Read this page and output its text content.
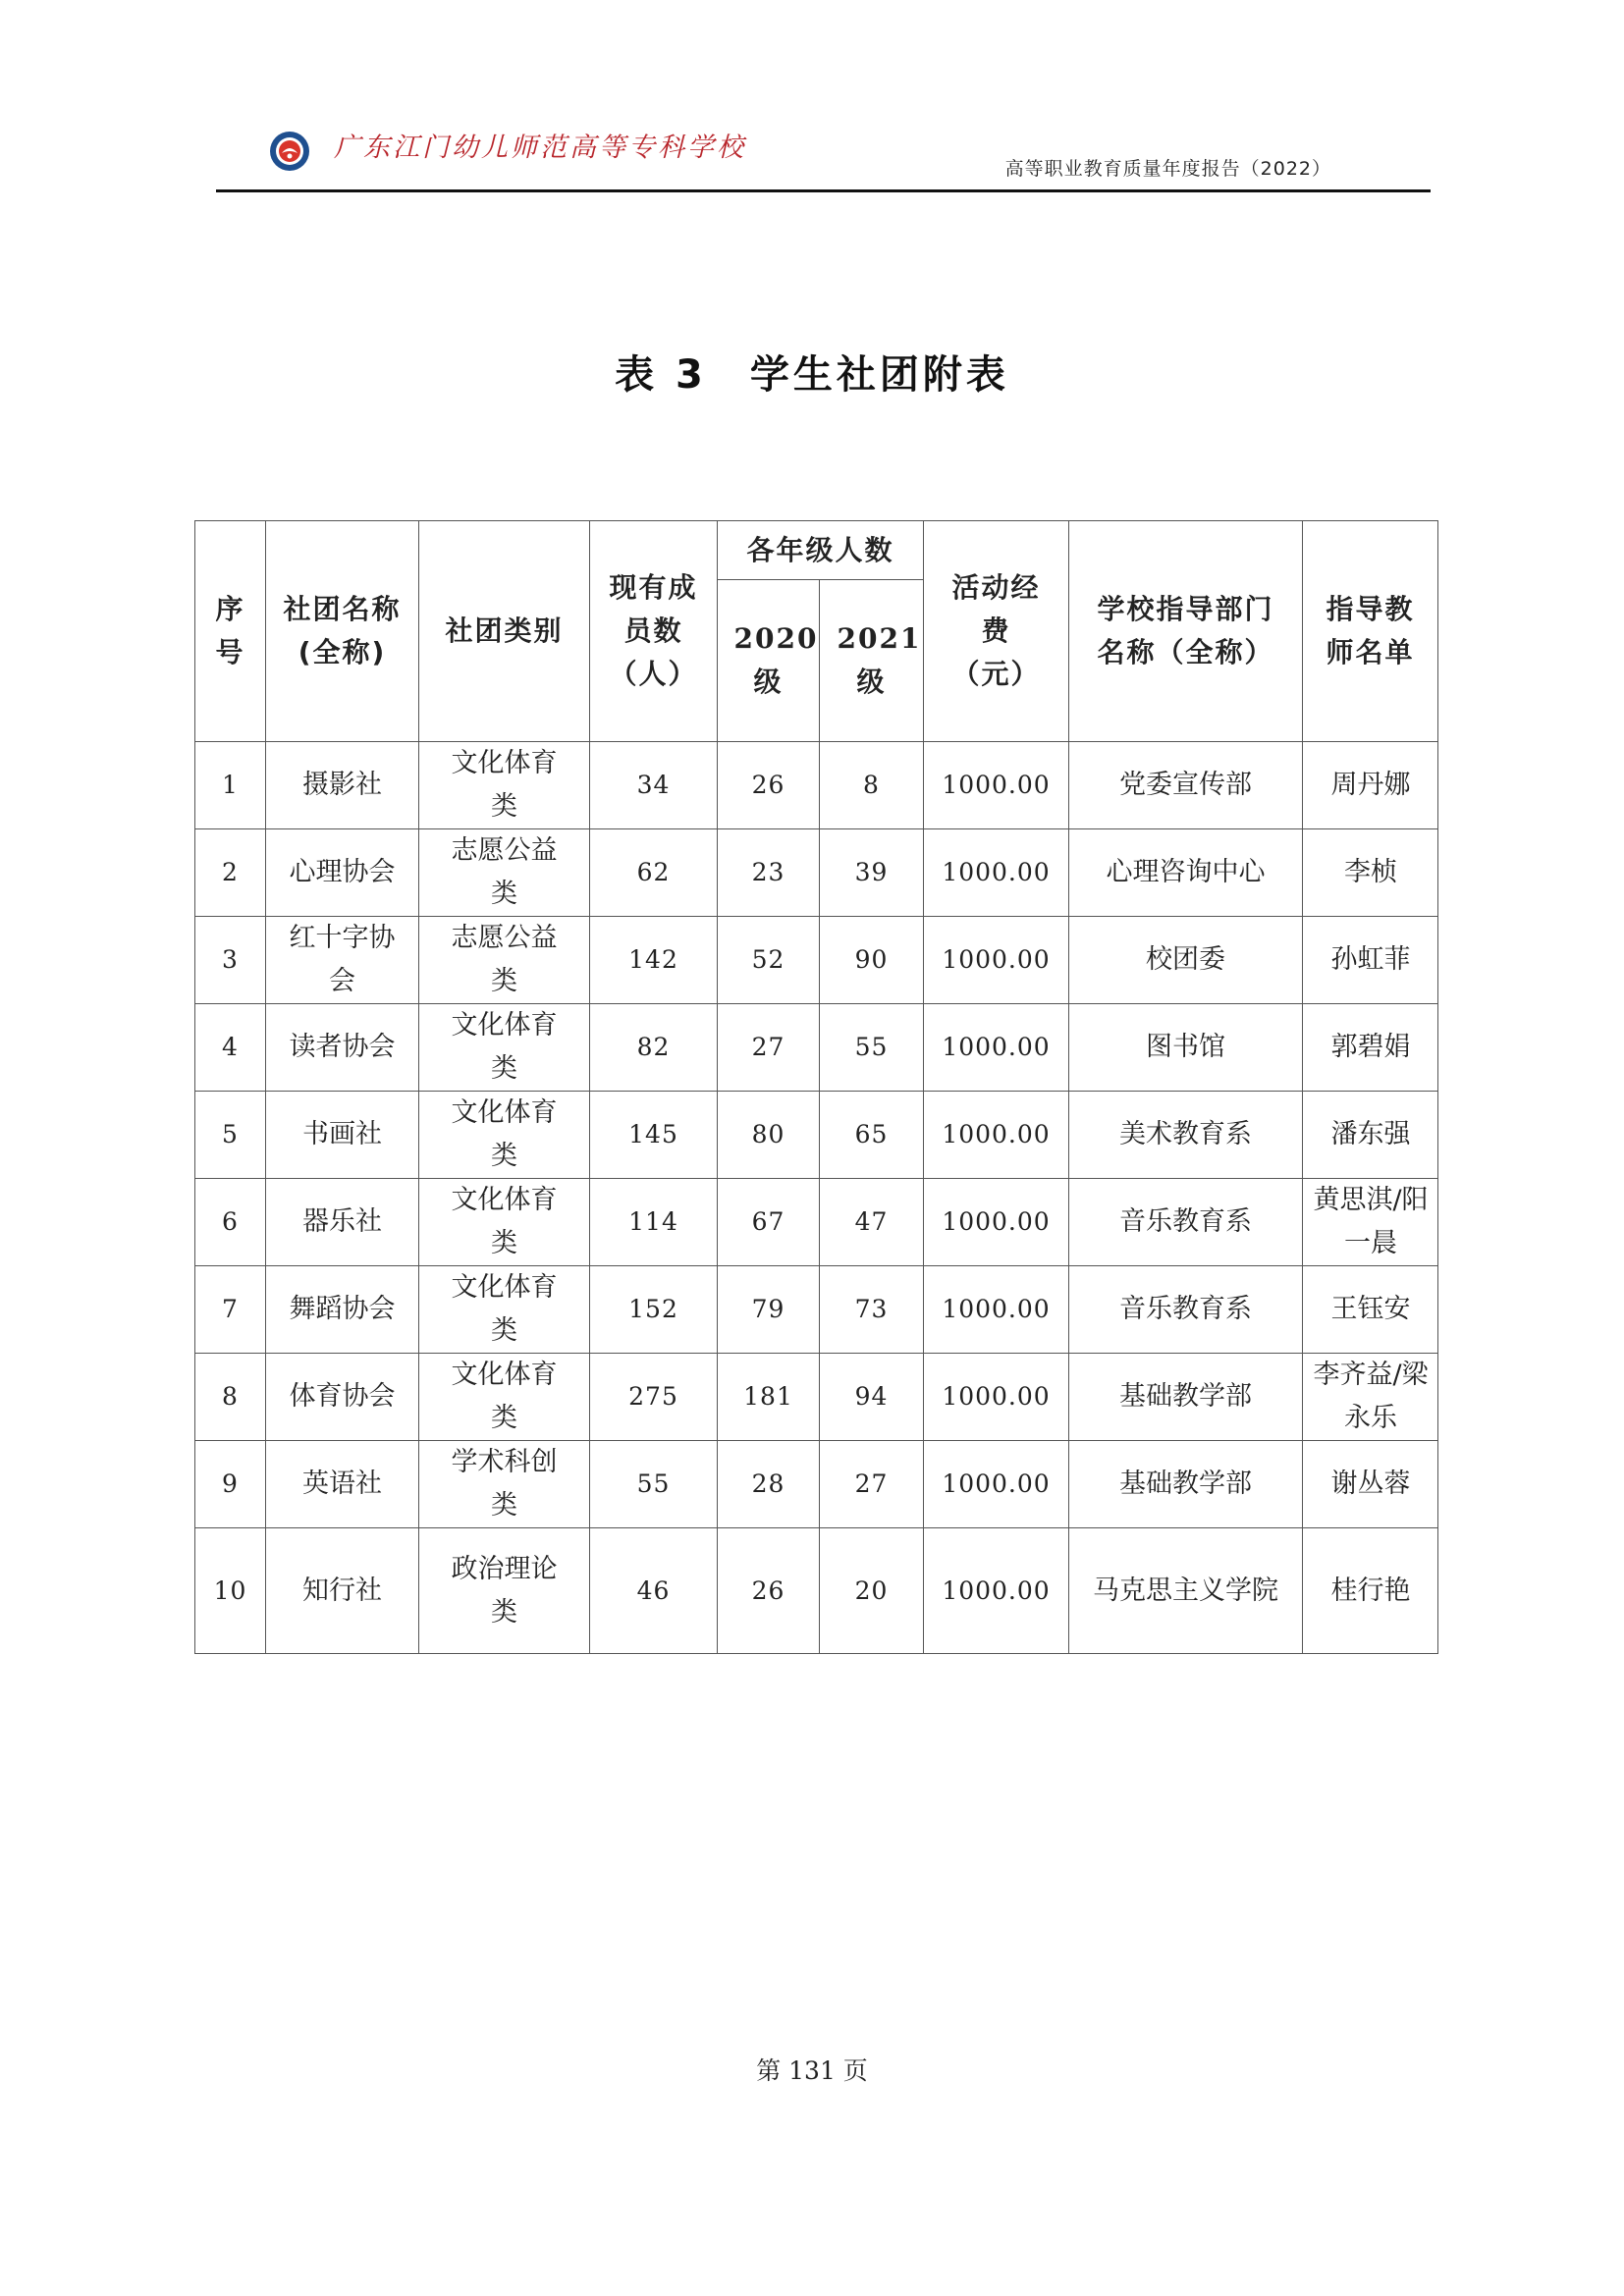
广东江门幼儿师范高等专科学校
高等职业教育质量年度报告（2022）
表 3　学生社团附表
序号	社团名称(全称)	社团类别	现有成员数（人）	各年级人数		活动经费（元）	学校指导部门名称（全称）	指导教师名单

				2020级	2021级			

1	摄影社	文化体育类	34	26	8	1000.00	党委宣传部	周丹娜

2	心理协会	志愿公益类	62	23	39	1000.00	心理咨询中心	李桢

3	红十字协会	志愿公益类	142	52	90	1000.00	校团委	孙虹菲

4	读者协会	文化体育类	82	27	55	1000.00	图书馆	郭碧娟

5	书画社	文化体育类	145	80	65	1000.00	美术教育系	潘东强

6	器乐社	文化体育类	114	67	47	1000.00	音乐教育系	黄思淇/阳一晨

7	舞蹈协会	文化体育类	152	79	73	1000.00	音乐教育系	王钰安

8	体育协会	文化体育类	275	181	94	1000.00	基础教学部	李齐益/梁永乐

9	英语社	学术科创类	55	28	27	1000.00	基础教学部	谢丛蓉

10	知行社	政治理论类	46	26	20	1000.00	马克思主义学院	桂行艳
第 131 页
